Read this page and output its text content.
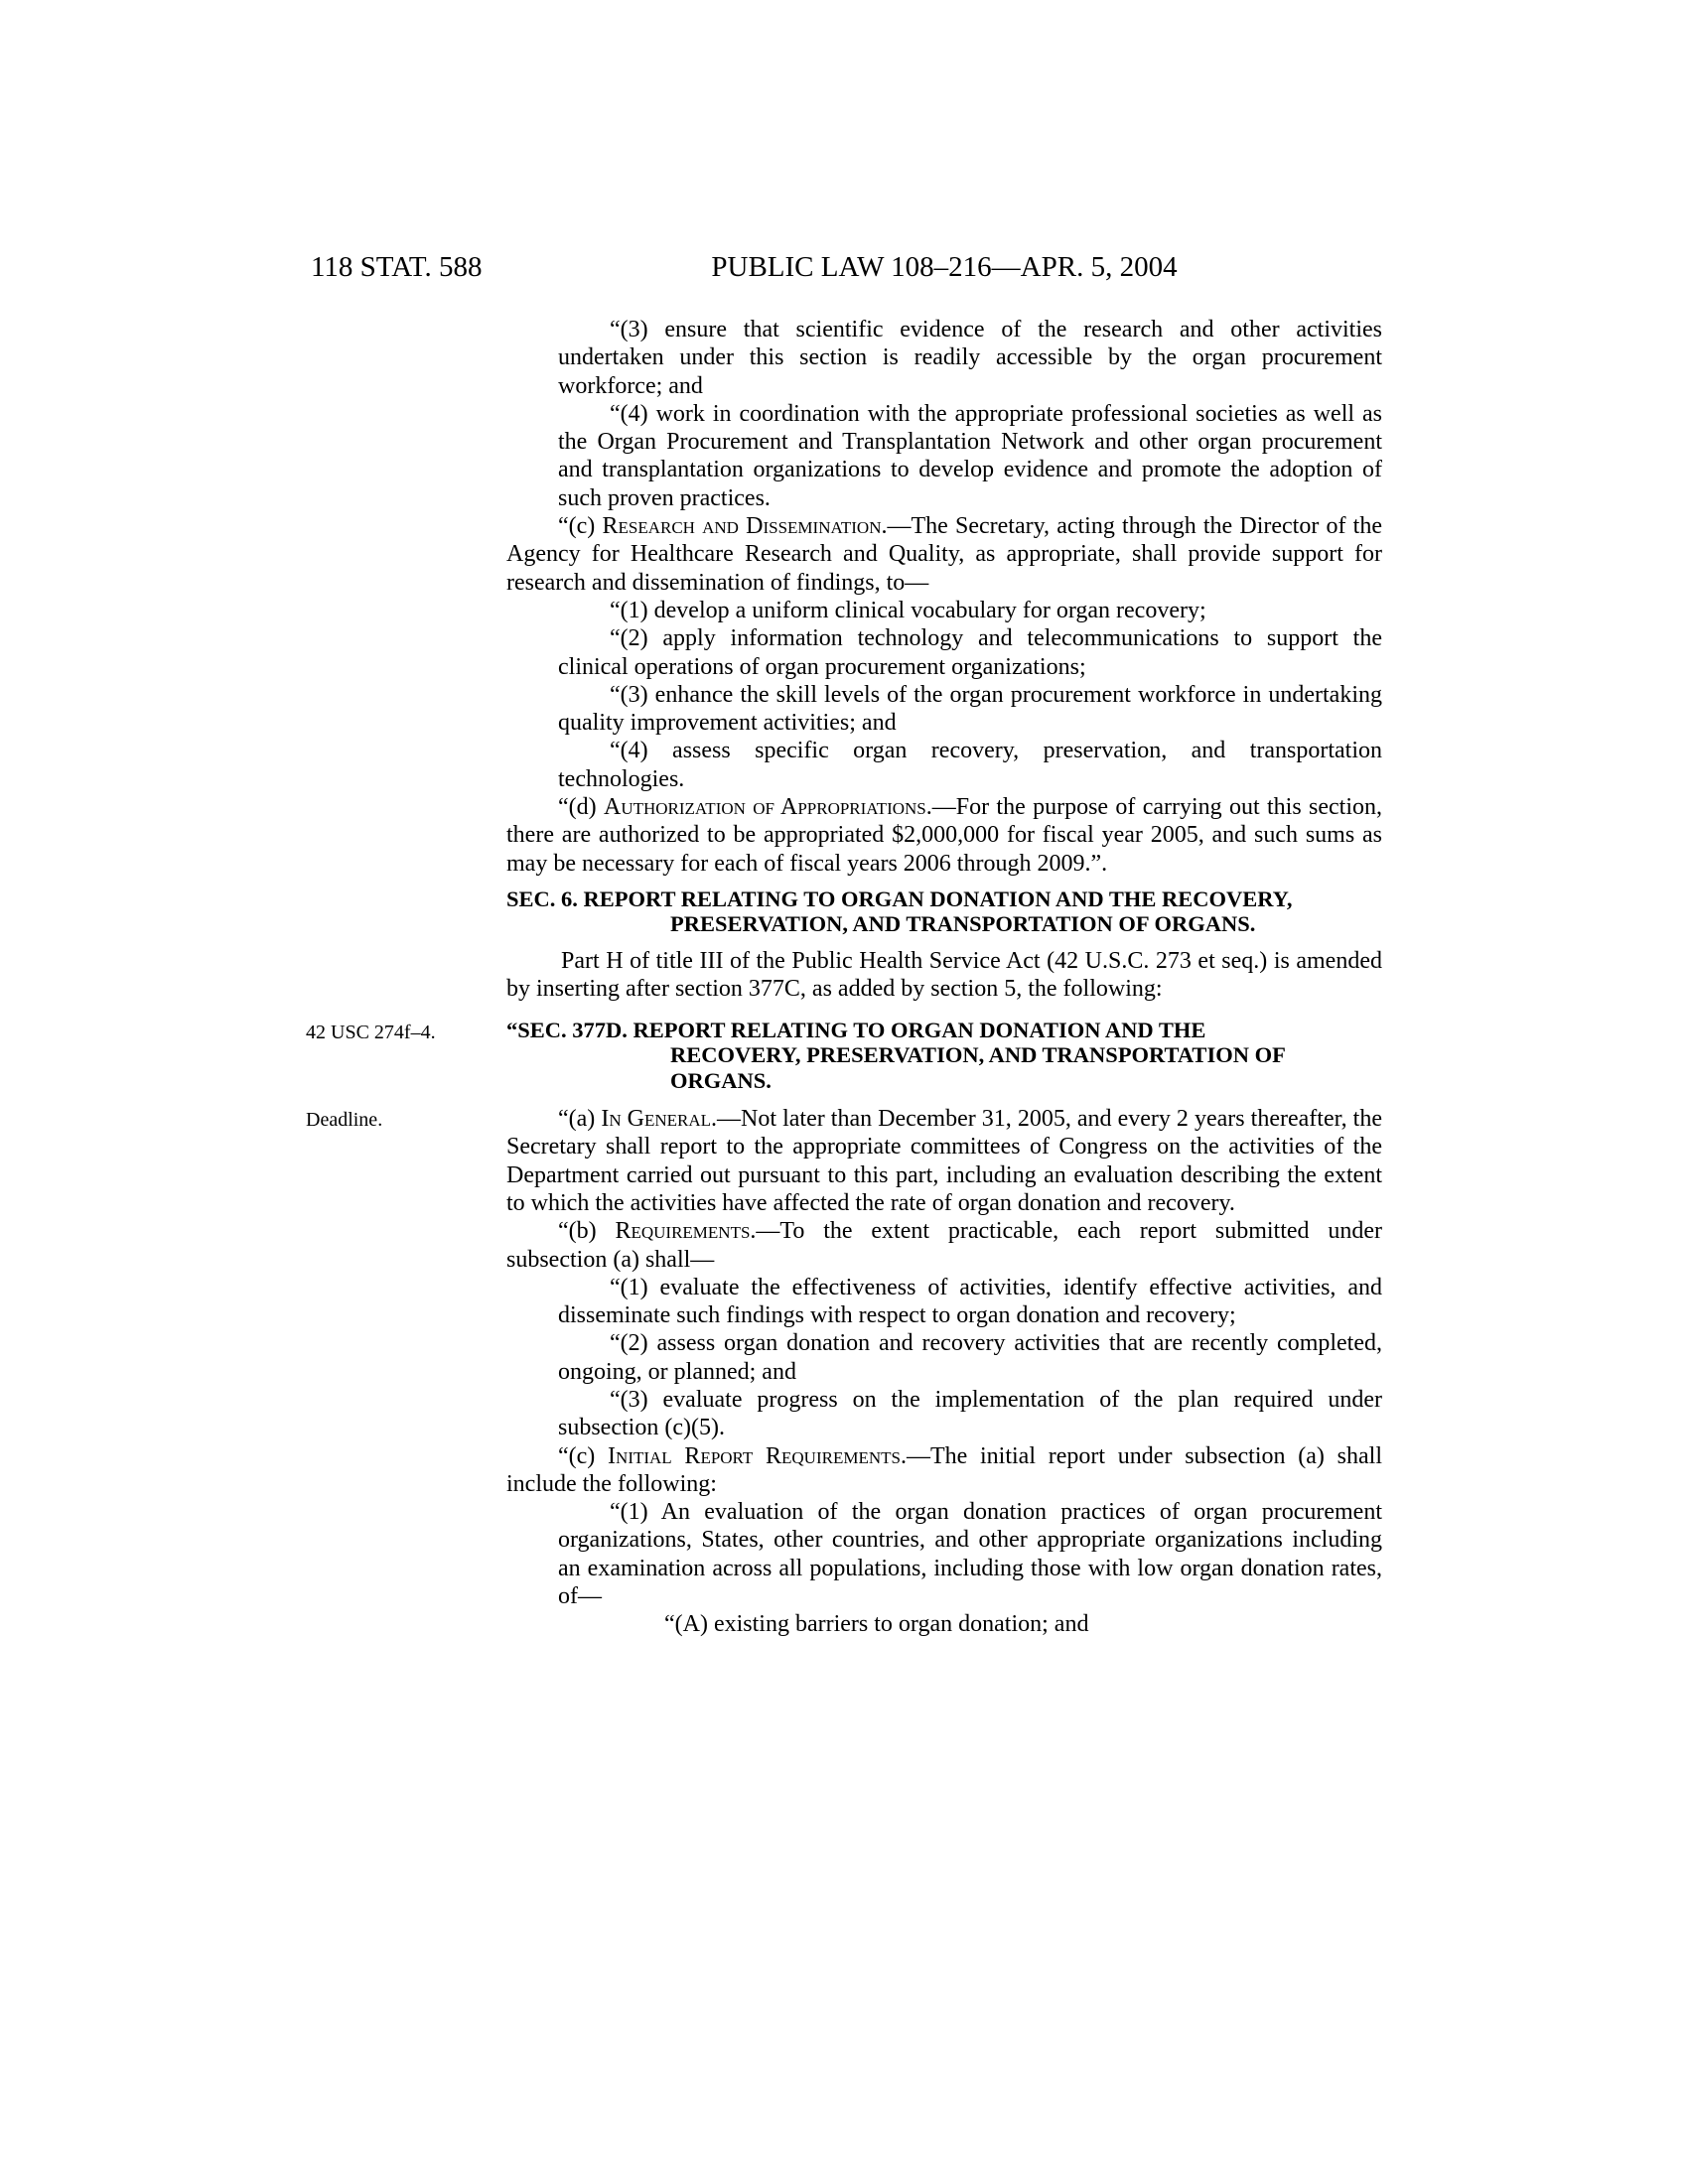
118 STAT. 588	PUBLIC LAW 108–216—APR. 5, 2004

“(3) ensure that scientific evidence of the research and other activities undertaken under this section is readily accessible by the organ procurement workforce; and

“(4) work in coordination with the appropriate professional societies as well as the Organ Procurement and Transplantation Network and other organ procurement and transplantation organizations to develop evidence and promote the adoption of such proven practices.

“(c) Research and Dissemination.—The Secretary, acting through the Director of the Agency for Healthcare Research and Quality, as appropriate, shall provide support for research and dissemination of findings, to—

“(1) develop a uniform clinical vocabulary for organ recovery;

“(2) apply information technology and telecommunications to support the clinical operations of organ procurement organizations;

“(3) enhance the skill levels of the organ procurement workforce in undertaking quality improvement activities; and

“(4) assess specific organ recovery, preservation, and transportation technologies.

“(d) Authorization of Appropriations.—For the purpose of carrying out this section, there are authorized to be appropriated $2,000,000 for fiscal year 2005, and such sums as may be necessary for each of fiscal years 2006 through 2009.”.

SEC. 6. REPORT RELATING TO ORGAN DONATION AND THE RECOVERY,
PRESERVATION, AND TRANSPORTATION OF ORGANS.

Part H of title III of the Public Health Service Act (42 U.S.C. 273 et seq.) is amended by inserting after section 377C, as added by section 5, the following:

“SEC. 377D. REPORT RELATING TO ORGAN DONATION AND THE
RECOVERY, PRESERVATION, AND TRANSPORTATION OF
ORGANS.
42 USC 274f–4.

“(a) In General.—Not later than December 31, 2005, and every 2 years thereafter, the Secretary shall report to the appropriate committees of Congress on the activities of the Department carried out pursuant to this part, including an evaluation describing the extent to which the activities have affected the rate of organ donation and recovery.
Deadline.

“(b) Requirements.—To the extent practicable, each report submitted under subsection (a) shall—

“(1) evaluate the effectiveness of activities, identify effective activities, and disseminate such findings with respect to organ donation and recovery;

“(2) assess organ donation and recovery activities that are recently completed, ongoing, or planned; and

“(3) evaluate progress on the implementation of the plan required under subsection (c)(5).

“(c) Initial Report Requirements.—The initial report under subsection (a) shall include the following:

“(1) An evaluation of the organ donation practices of organ procurement organizations, States, other countries, and other appropriate organizations including an examination across all populations, including those with low organ donation rates, of—

“(A) existing barriers to organ donation; and
